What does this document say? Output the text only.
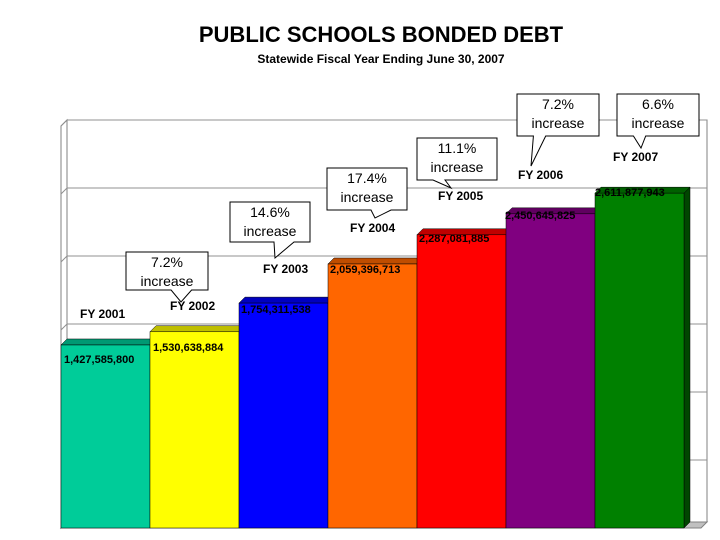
PUBLIC SCHOOLS BONDED DEBT
Statewide Fiscal Year Ending June 30, 2007
FY 2001
FY 2002
FY 2003
FY 2004
FY 2005
FY 2006
FY 2007
1,427,585,800
1,530,638,884
1,754,311,538
2,059,396,713
2,287,081,885
2,450,645,825
2,611,877,943
7.2%
increase
14.6%
increase
17.4%
increase
11.1%
increase
7.2%
increase
6.6%
increase
